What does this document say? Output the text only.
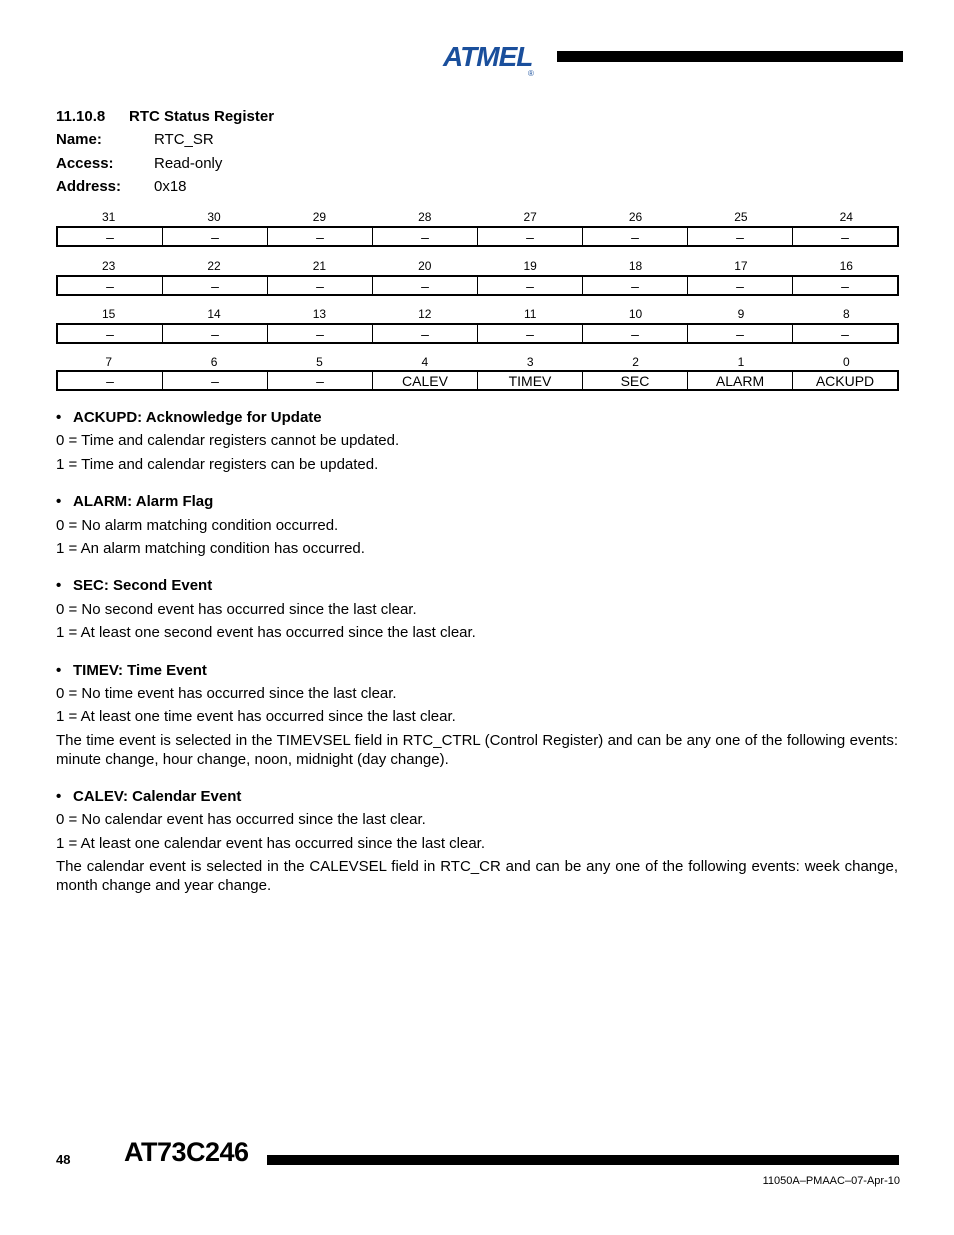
ATMEL
®
11.10.8 RTC Status Register
Name:	RTC_SR
Access:	Read-only
Address: 0x18
31	30	29	28	27	26	25	24
–	–	–	–	–	–	–	–
23	22	21	20	19	18	17	16
–	–	–	–	–	–	–	–
15	14	13	12	11	10	9	8
–	–	–	–	–	–	–	–
7	6	5	4	3	2	1	0
–	–	–	CALEV	TIMEV	SEC	ALARM	ACKUPD
• ACKUPD: Acknowledge for Update
0 = Time and calendar registers cannot be updated.
1 = Time and calendar registers can be updated.
• ALARM: Alarm Flag
0 = No alarm matching condition occurred.
1 = An alarm matching condition has occurred.
• SEC: Second Event
0 = No second event has occurred since the last clear.
1 = At least one second event has occurred since the last clear.
• TIMEV: Time Event
0 = No time event has occurred since the last clear.
1 = At least one time event has occurred since the last clear.
The time event is selected in the TIMEVSEL field in RTC_CTRL (Control Register) and can be any one of the following events: minute change, hour change, noon, midnight (day change).
• CALEV: Calendar Event
0 = No calendar event has occurred since the last clear.
1 = At least one calendar event has occurred since the last clear.
The calendar event is selected in the CALEVSEL field in RTC_CR and can be any one of the following events: week change, month change and year change.
48 AT73C246
11050A–PMAAC–07-Apr-10
